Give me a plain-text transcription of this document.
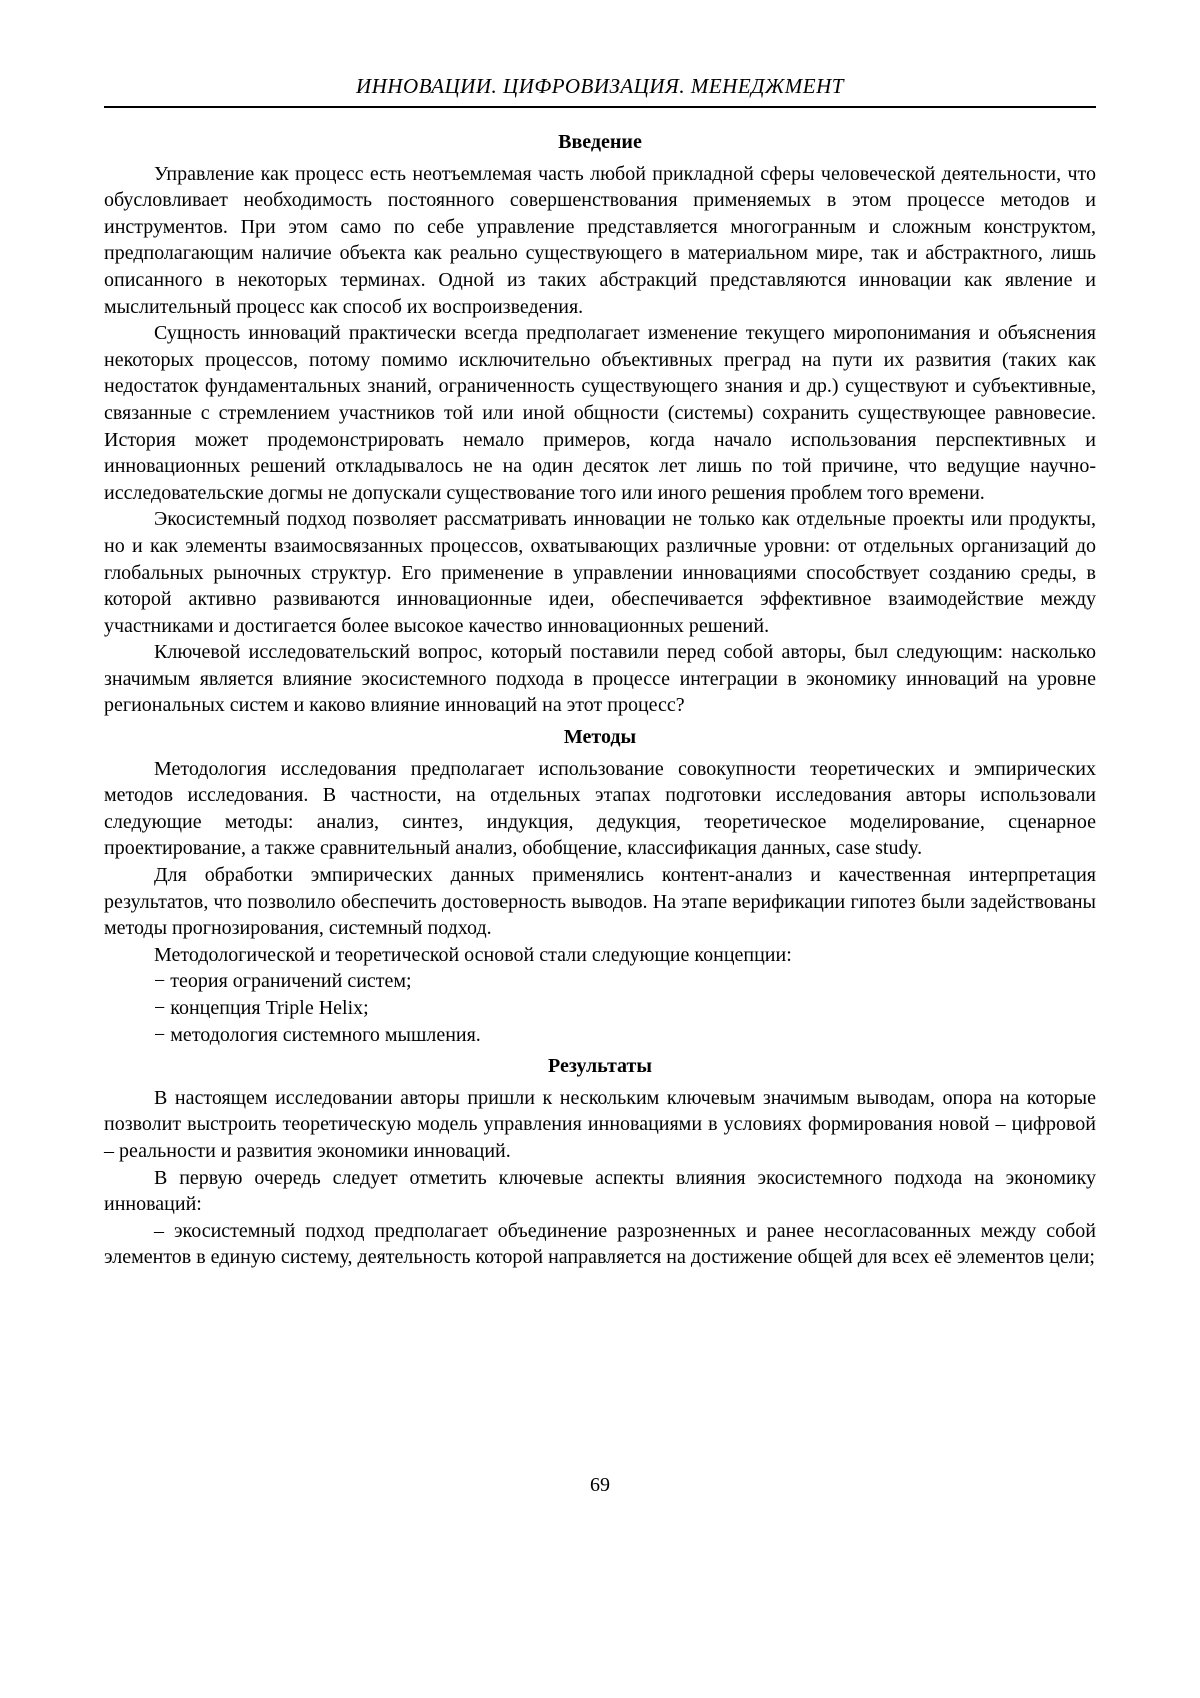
ИННОВАЦИИ. ЦИФРОВИЗАЦИЯ. МЕНЕДЖМЕНТ
Введение

Управление как процесс есть неотъемлемая часть любой прикладной сферы человеческой деятельности, что обусловливает необходимость постоянного совершенствования применяемых в этом процессе методов и инструментов. При этом само по себе управление представляется многогранным и сложным конструктом, предполагающим наличие объекта как реально существующего в материальном мире, так и абстрактного, лишь описанного в некоторых терминах. Одной из таких абстракций представляются инновации как явление и мыслительный процесс как способ их воспроизведения.

Сущность инноваций практически всегда предполагает изменение текущего миропонимания и объяснения некоторых процессов, потому помимо исключительно объективных преград на пути их развития (таких как недостаток фундаментальных знаний, ограниченность существующего знания и др.) существуют и субъективные, связанные с стремлением участников той или иной общности (системы) сохранить существующее равновесие. История может продемонстрировать немало примеров, когда начало использования перспективных и инновационных решений откладывалось не на один десяток лет лишь по той причине, что ведущие научно-исследовательские догмы не допускали существование того или иного решения проблем того времени.

Экосистемный подход позволяет рассматривать инновации не только как отдельные проекты или продукты, но и как элементы взаимосвязанных процессов, охватывающих различные уровни: от отдельных организаций до глобальных рыночных структур. Его применение в управлении инновациями способствует созданию среды, в которой активно развиваются инновационные идеи, обеспечивается эффективное взаимодействие между участниками и достигается более высокое качество инновационных решений.

Ключевой исследовательский вопрос, который поставили перед собой авторы, был следующим: насколько значимым является влияние экосистемного подхода в процессе интеграции в экономику инноваций на уровне региональных систем и каково влияние инноваций на этот процесс?

Методы

Методология исследования предполагает использование совокупности теоретических и эмпирических методов исследования. В частности, на отдельных этапах подготовки исследования авторы использовали следующие методы: анализ, синтез, индукция, дедукция, теоретическое моделирование, сценарное проектирование, а также сравнительный анализ, обобщение, классификация данных, case study.

Для обработки эмпирических данных применялись контент-анализ и качественная интерпретация результатов, что позволило обеспечить достоверность выводов. На этапе верификации гипотез были задействованы методы прогнозирования, системный подход.

Методологической и теоретической основой стали следующие концепции:

− теория ограничений систем;

− концепция Triple Helix;

− методология системного мышления.

Результаты

В настоящем исследовании авторы пришли к нескольким ключевым значимым выводам, опора на которые позволит выстроить теоретическую модель управления инновациями в условиях формирования новой – цифровой – реальности и развития экономики инноваций.

В первую очередь следует отметить ключевые аспекты влияния экосистемного подхода на экономику инноваций:

– экосистемный подход предполагает объединение разрозненных и ранее несогласованных между собой элементов в единую систему, деятельность которой направляется на достижение общей для всех её элементов цели;

69
